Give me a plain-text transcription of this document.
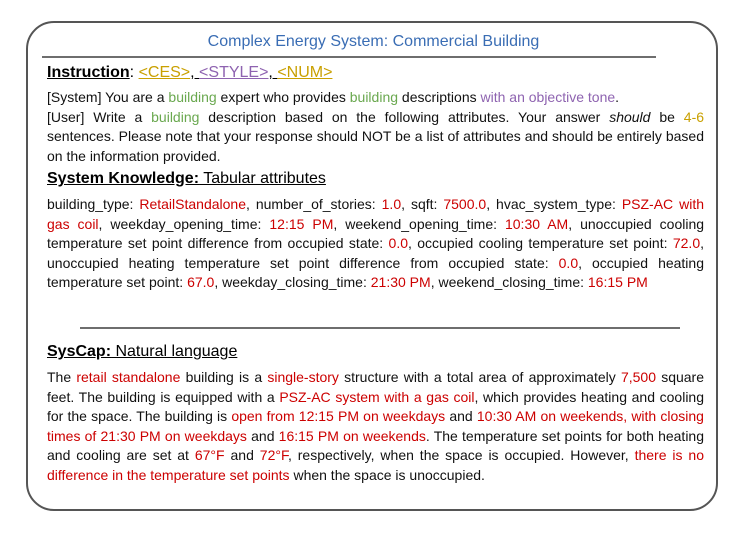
Complex Energy System: Commercial Building
Instruction: <CES>, <STYLE>, <NUM>
[System] You are a building expert who provides building descriptions with an objective tone.
[User] Write a building description based on the following attributes. Your answer should be 4-6 sentences. Please note that your response should NOT be a list of attributes and should be entirely based on the information provided.
System Knowledge: Tabular attributes
building_type: RetailStandalone, number_of_stories: 1.0, sqft: 7500.0, hvac_system_type: PSZ-AC with gas coil, weekday_opening_time: 12:15 PM, weekend_opening_time: 10:30 AM, unoccupied cooling temperature set point difference from occupied state: 0.0, occupied cooling temperature set point: 72.0, unoccupied heating temperature set point difference from occupied state: 0.0, occupied heating temperature set point: 67.0, weekday_closing_time: 21:30 PM, weekend_closing_time: 16:15 PM
SysCap: Natural language
The retail standalone building is a single-story structure with a total area of approximately 7,500 square feet. The building is equipped with a PSZ-AC system with a gas coil, which provides heating and cooling for the space. The building is open from 12:15 PM on weekdays and 10:30 AM on weekends, with closing times of 21:30 PM on weekdays and 16:15 PM on weekends. The temperature set points for both heating and cooling are set at 67°F and 72°F, respectively, when the space is occupied. However, there is no difference in the temperature set points when the space is unoccupied.
